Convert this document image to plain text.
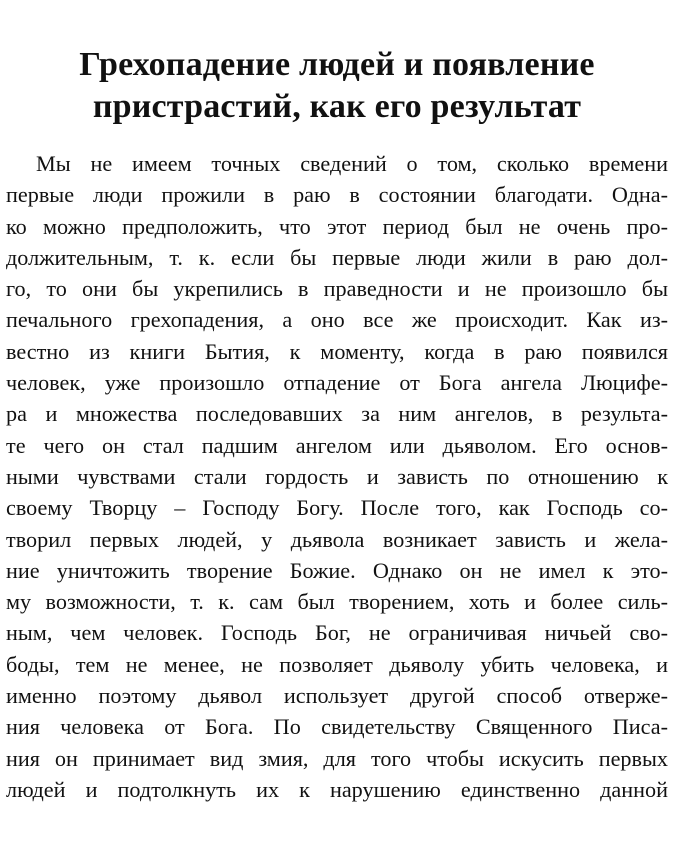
Грехопадение людей и появление
пристрастий, как его результат
Мы не имеем точных сведений о том, сколько времени
первые люди прожили в раю в состоянии благодати. Одна-
ко можно предположить, что этот период был не очень про-
должительным, т. к. если бы первые люди жили в раю дол-
го, то они бы укрепились в праведности и не произошло бы
печального грехопадения, а оно все же происходит. Как из-
вестно из книги Бытия, к моменту, когда в раю появился
человек, уже произошло отпадение от Бога ангела Люцифе-
ра и множества последовавших за ним ангелов, в результа-
те чего он стал падшим ангелом или дьяволом. Его основ-
ными чувствами стали гордость и зависть по отношению к
своему Творцу – Господу Богу. После того, как Господь со-
творил первых людей, у дьявола возникает зависть и жела-
ние уничтожить творение Божие. Однако он не имел к это-
му возможности, т. к. сам был творением, хоть и более силь-
ным, чем человек. Господь Бог, не ограничивая ничьей сво-
боды, тем не менее, не позволяет дьяволу убить человека, и
именно поэтому дьявол использует другой способ отверже-
ния человека от Бога. По свидетельству Священного Писа-
ния он принимает вид змия, для того чтобы искусить первых
людей и подтолкнуть их к нарушению единственно данной
